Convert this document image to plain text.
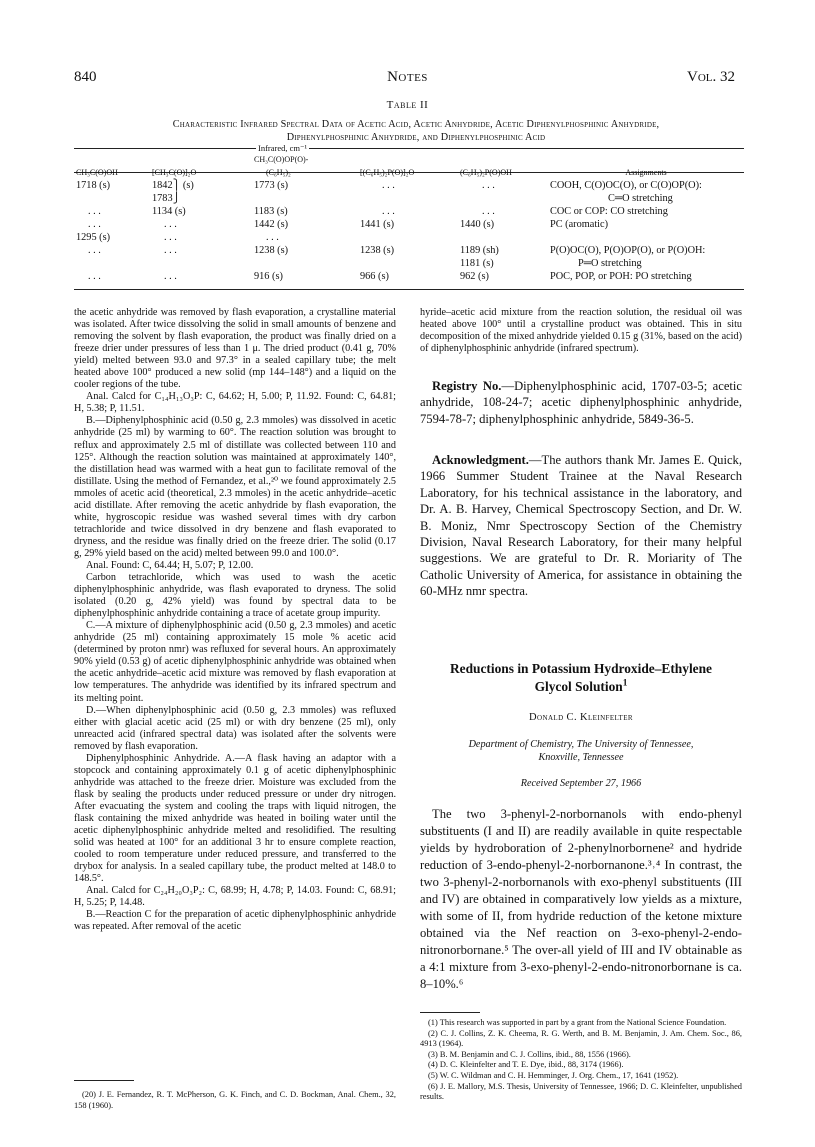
840	Notes	Vol. 32
Table II
Characteristic Infrared Spectral Data of Acetic Acid, Acetic Anhydride, Acetic Diphenylphosphinic Anhydride,
Diphenylphosphinic Anhydride, and Diphenylphosphinic Acid
Infrared, cm⁻¹
		CH₃C(O)OP(O)-			
CH₃C(O)OH	[CH₃C(O)]₂O	(C₆H₅)₂	[(C₆H₅)₂P(O)]₂O	(C₆H₅)₂P(O)OH	Assignments
1718 (s)	1842⎫ (s)	1773 (s)	. . .	. . .	COOH, C(O)OC(O), or C(O)OP(O):
	1783⎭				C═O stretching
. . .	1134 (s)	1183 (s)	. . .	. . .	COC or COP: CO stretching
. . .	. . .	1442 (s)	1441 (s)	1440 (s)	PC (aromatic)
1295 (s)	. . .	. . .			
. . .	. . .	1238 (s)	1238 (s)	1189 (sh)	P(O)OC(O), P(O)OP(O), or P(O)OH:
				1181 (s)	P═O stretching
. . .	. . .	916 (s)	966 (s)	962 (s)	POC, POP, or POH: PO stretching

the acetic anhydride was removed by flash evaporation, a crystalline material was isolated. After twice dissolving the solid in small amounts of benzene and removing the solvent by flash evaporation, the product was finally dried on a freeze drier under pressures of less than 1 μ. The dried product (0.41 g, 70% yield) melted between 93.0 and 97.3° in a sealed capillary tube; the melt heated above 100° produced a new solid (mp 144–148°) and a liquid on the cooler regions of the tube.

Anal. Calcd for C₁₄H₁₃O₃P: C, 64.62; H, 5.00; P, 11.92. Found: C, 64.81; H, 5.38; P, 11.51.

B.—Diphenylphosphinic acid (0.50 g, 2.3 mmoles) was dissolved in acetic anhydride (25 ml) by warming to 60°. The reaction solution was brought to reflux and approximately 2.5 ml of distillate was collected between 110 and 125°. Although the reaction solution was maintained at approximately 140°, the distillation head was warmed with a heat gun to facilitate removal of the distillate. Using the method of Fernandez, et al.,²⁰ we found approximately 2.5 mmoles of acetic acid (theoretical, 2.3 mmoles) in the acetic anhydride–acetic acid distillate. After removing the acetic anhydride by flash evaporation, the white, hygroscopic residue was washed several times with dry carbon tetrachloride and twice dissolved in dry benzene and flash evaporated to dryness, and the residue was finally dried on the freeze drier. The solid (0.17 g, 29% yield based on the acid) melted between 99.0 and 100.0°.

Anal. Found: C, 64.44; H, 5.07; P, 12.00.

Carbon tetrachloride, which was used to wash the acetic diphenylphosphinic anhydride, was flash evaporated to dryness. The solid isolated (0.20 g, 42% yield) was found by spectral data to be diphenylphosphinic anhydride containing a trace of acetate group impurity.

C.—A mixture of diphenylphosphinic acid (0.50 g, 2.3 mmoles) and acetic anhydride (25 ml) containing approximately 15 mole % acetic acid (determined by proton nmr) was refluxed for several hours. An approximately 90% yield (0.53 g) of acetic diphenylphosphinic anhydride was obtained when the acetic anhydride–acetic acid mixture was removed by flash evaporation at low temperatures. The anhydride was identified by its infrared spectrum and its melting point.

D.—When diphenylphosphinic acid (0.50 g, 2.3 mmoles) was refluxed either with glacial acetic acid (25 ml) or with dry benzene (25 ml), only unreacted acid (infrared spectral data) was isolated after the solvents were removed by flash evaporation.

Diphenylphosphinic Anhydride. A.—A flask having an adaptor with a stopcock and containing approximately 0.1 g of acetic diphenylphosphinic anhydride was attached to the freeze drier. Moisture was excluded from the flask by sealing the products under reduced pressure or under dry nitrogen. After evacuating the system and cooling the traps with liquid nitrogen, the flask containing the mixed anhydride was heated in boiling water until the acetic diphenylphosphinic anhydride melted and resolidified. The resulting solid was heated at 100° for an additional 3 hr to ensure complete reaction, cooled to room temperature under reduced pressure, and transferred to the drybox for analysis. In a sealed capillary tube, the product melted at 148.0 to 148.5°.

Anal. Calcd for C₂₄H₂₀O₃P₂: C, 68.99; H, 4.78; P, 14.03. Found: C, 68.91; H, 5.25; P, 14.48.

B.—Reaction C for the preparation of acetic diphenylphosphinic anhydride was repeated. After removal of the acetic

(20) J. E. Fernandez, R. T. McPherson, G. K. Finch, and C. D. Bockman, Anal. Chem., 32, 158 (1960).

hyride–acetic acid mixture from the reaction solution, the residual oil was heated above 100° until a crystalline product was obtained. This in situ decomposition of the mixed anhydride yielded 0.15 g (31%, based on the acid) of diphenylphosphinic anhydride (infrared spectrum).

Registry No.—Diphenylphosphinic acid, 1707-03-5; acetic anhydride, 108-24-7; acetic diphenylphosphinic anhydride, 7594-78-7; diphenylphosphinic anhydride, 5849-36-5.

Acknowledgment.—The authors thank Mr. James E. Quick, 1966 Summer Student Trainee at the Naval Research Laboratory, for his technical assistance in the laboratory, and Dr. A. B. Harvey, Chemical Spectroscopy Section, and Dr. W. B. Moniz, Nmr Spectroscopy Section of the Chemistry Division, Naval Research Laboratory, for their many helpful suggestions. We are grateful to Dr. R. Moriarity of The Catholic University of America, for assistance in obtaining the 60-MHz nmr spectra.

Reductions in Potassium Hydroxide–Ethylene

Glycol Solution$^1$

Donald C. Kleinfelter
Department of Chemistry, The University of Tennessee,
Knoxville, Tennessee
Received September 27, 1966

The two 3-phenyl-2-norbornanols with endo-phenyl substituents (I and II) are readily available in quite respectable yields by hydroboration of 2-phenylnorbornene² and hydride reduction of 3-endo-phenyl-2-norbornanone.³˒⁴ In contrast, the two 3-phenyl-2-norbornanols with exo-phenyl substituents (III and IV) are obtained in comparatively low yields as a mixture, with some of II, from hydride reduction of the ketone mixture obtained via the Nef reaction on 3-exo-phenyl-2-endo-nitronorbornane.⁵ The over-all yield of III and IV obtainable as a 4:1 mixture from 3-exo-phenyl-2-endo-nitronorbornane is ca. 8–10%.⁶

(1) This research was supported in part by a grant from the National Science Foundation.

(2) C. J. Collins, Z. K. Cheema, R. G. Werth, and B. M. Benjamin, J. Am. Chem. Soc., 86, 4913 (1964).

(3) B. M. Benjamin and C. J. Collins, ibid., 88, 1556 (1966).

(4) D. C. Kleinfelter and T. E. Dye, ibid., 88, 3174 (1966).

(5) W. C. Wildman and C. H. Hemminger, J. Org. Chem., 17, 1641 (1952).

(6) J. E. Mallory, M.S. Thesis, University of Tennessee, 1966; D. C. Kleinfelter, unpublished results.
